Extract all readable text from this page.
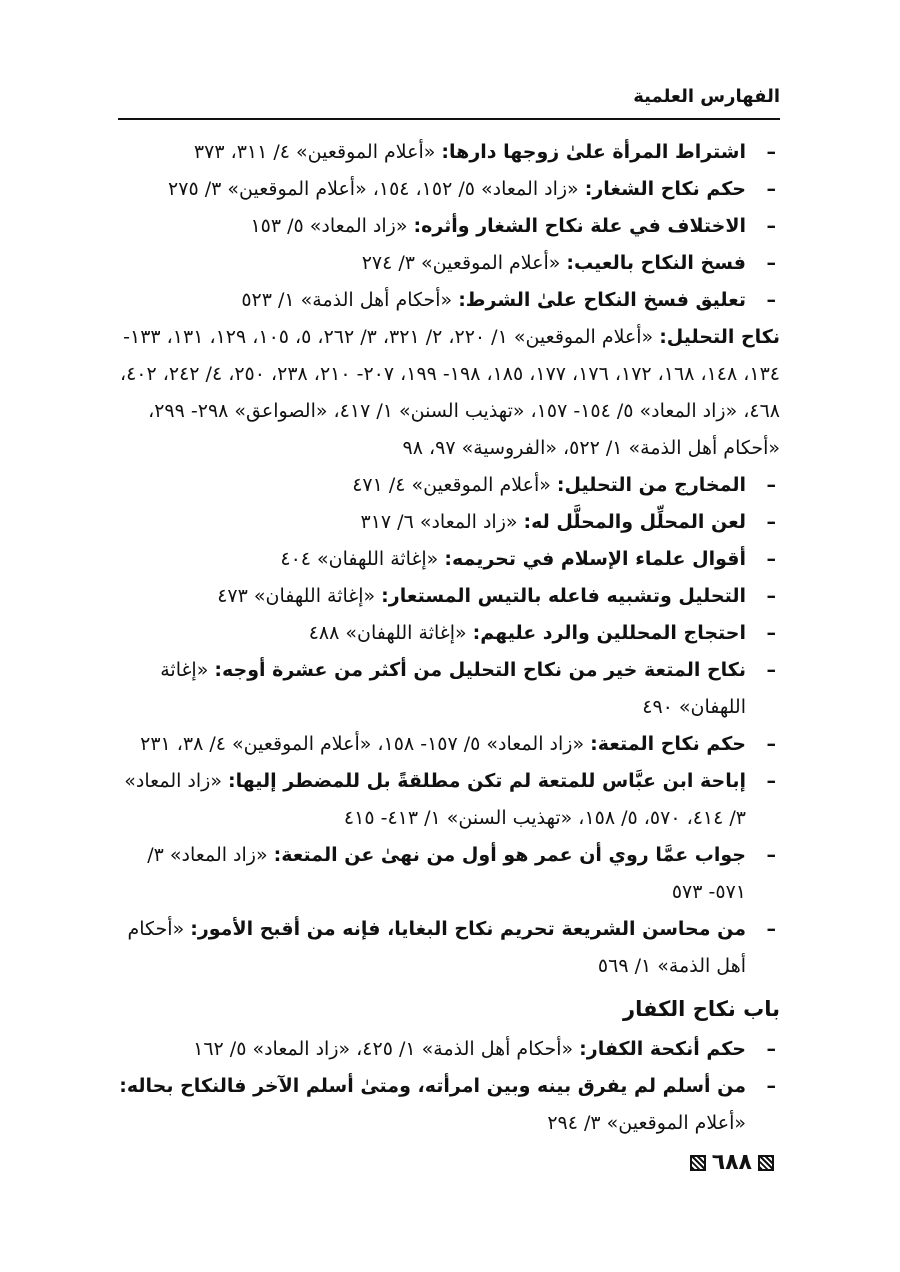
الفهارس العلمية

– اشتراط المرأة علىٰ زوجها دارها: «أعلام الموقعين» ٤/ ٣١١، ٣٧٣

– حكم نكاح الشغار: «زاد المعاد» ٥/ ١٥٢، ١٥٤، «أعلام الموقعين» ٣/ ٢٧٥

– الاختلاف في علة نكاح الشغار وأثره: «زاد المعاد» ٥/ ١٥٣

– فسخ النكاح بالعيب: «أعلام الموقعين» ٣/ ٢٧٤

– تعليق فسخ النكاح علىٰ الشرط: «أحكام أهل الذمة» ١/ ٥٢٣

نكاح التحليل: «أعلام الموقعين» ١/ ٢٢٠، ٢/ ٣٢١، ٣/ ٢٦٢، ٥، ١٠٥، ١٢٩، ١٣١، ١٣٣- ١٣٤، ١٤٨، ١٦٨، ١٧٢، ١٧٦، ١٧٧، ١٨٥، ١٩٨- ١٩٩، ٢٠٧- ٢١٠، ٢٣٨، ٢٥٠، ٤/ ٢٤٢، ٤٠٢، ٤٦٨، «زاد المعاد» ٥/ ١٥٤- ١٥٧، «تهذيب السنن» ١/ ٤١٧، «الصواعق» ٢٩٨- ٢٩٩، «أحكام أهل الذمة» ١/ ٥٢٢، «الفروسية» ٩٧، ٩٨

– المخارج من التحليل: «أعلام الموقعين» ٤/ ٤٧١

– لعن المحلِّل والمحلَّل له: «زاد المعاد» ٦/ ٣١٧

– أقوال علماء الإسلام في تحريمه: «إغاثة اللهفان» ٤٠٤

– التحليل وتشبيه فاعله بالتيس المستعار: «إغاثة اللهفان» ٤٧٣

– احتجاج المحللين والرد عليهم: «إغاثة اللهفان» ٤٨٨

– نكاح المتعة خير من نكاح التحليل من أكثر من عشرة أوجه: «إغاثة اللهفان» ٤٩٠

– حكم نكاح المتعة: «زاد المعاد» ٥/ ١٥٧- ١٥٨، «أعلام الموقعين» ٤/ ٣٨، ٢٣١

– إباحة ابن عبَّاس للمتعة لم تكن مطلقةً بل للمضطر إليها: «زاد المعاد» ٣/ ٤١٤، ٥٧٠، ٥/ ١٥٨، «تهذيب السنن» ١/ ٤١٣- ٤١٥

– جواب عمَّا روي أن عمر هو أول من نهىٰ عن المتعة: «زاد المعاد» ٣/ ٥٧١- ٥٧٣

– من محاسن الشريعة تحريم نكاح البغايا، فإنه من أقبح الأمور: «أحكام أهل الذمة» ١/ ٥٦٩

باب نكاح الكفار

– حكم أنكحة الكفار: «أحكام أهل الذمة» ١/ ٤٢٥، «زاد المعاد» ٥/ ١٦٢

– من أسلم لم يفرق بينه وبين امرأته، ومتىٰ أسلم الآخر فالنكاح بحاله: «أعلام الموقعين» ٣/ ٢٩٤

٦٨٨
